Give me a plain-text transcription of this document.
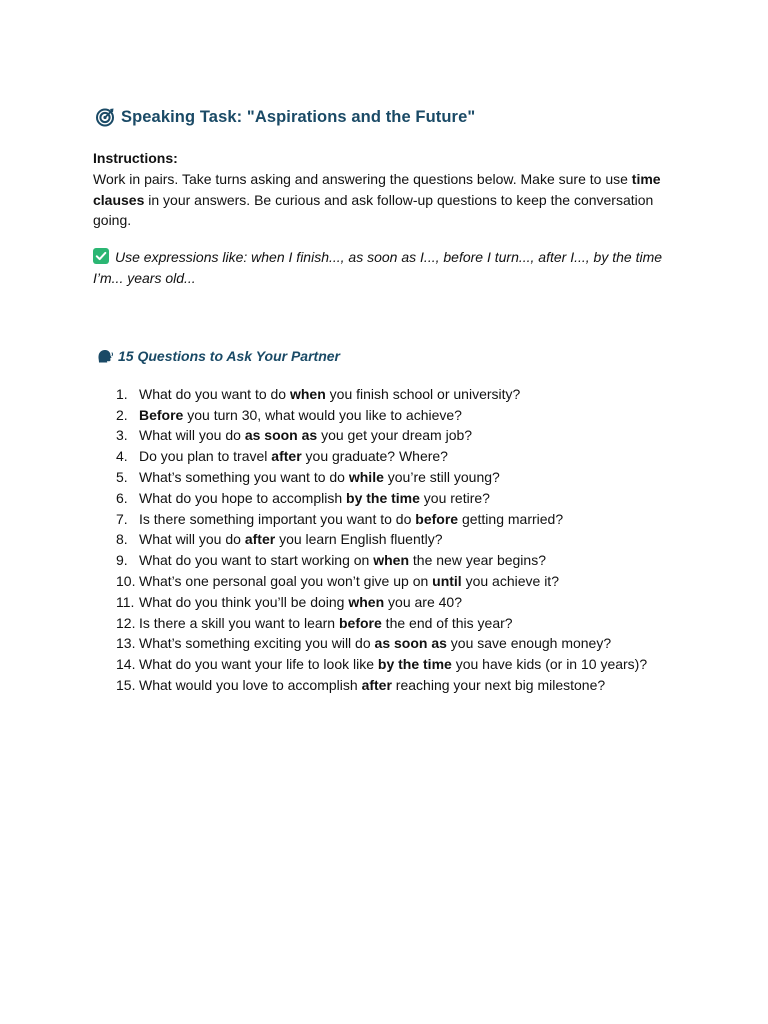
Speaking Task: "Aspirations and the Future"
Instructions:
Work in pairs. Take turns asking and answering the questions below. Make sure to use time clauses in your answers. Be curious and ask follow-up questions to keep the conversation going.
Use expressions like: when I finish..., as soon as I..., before I turn..., after I..., by the time I’m... years old...
15 Questions to Ask Your Partner
1. What do you want to do when you finish school or university?
2. Before you turn 30, what would you like to achieve?
3. What will you do as soon as you get your dream job?
4. Do you plan to travel after you graduate? Where?
5. What’s something you want to do while you’re still young?
6. What do you hope to accomplish by the time you retire?
7. Is there something important you want to do before getting married?
8. What will you do after you learn English fluently?
9. What do you want to start working on when the new year begins?
10. What’s one personal goal you won’t give up on until you achieve it?
11. What do you think you’ll be doing when you are 40?
12. Is there a skill you want to learn before the end of this year?
13. What’s something exciting you will do as soon as you save enough money?
14. What do you want your life to look like by the time you have kids (or in 10 years)?
15. What would you love to accomplish after reaching your next big milestone?
